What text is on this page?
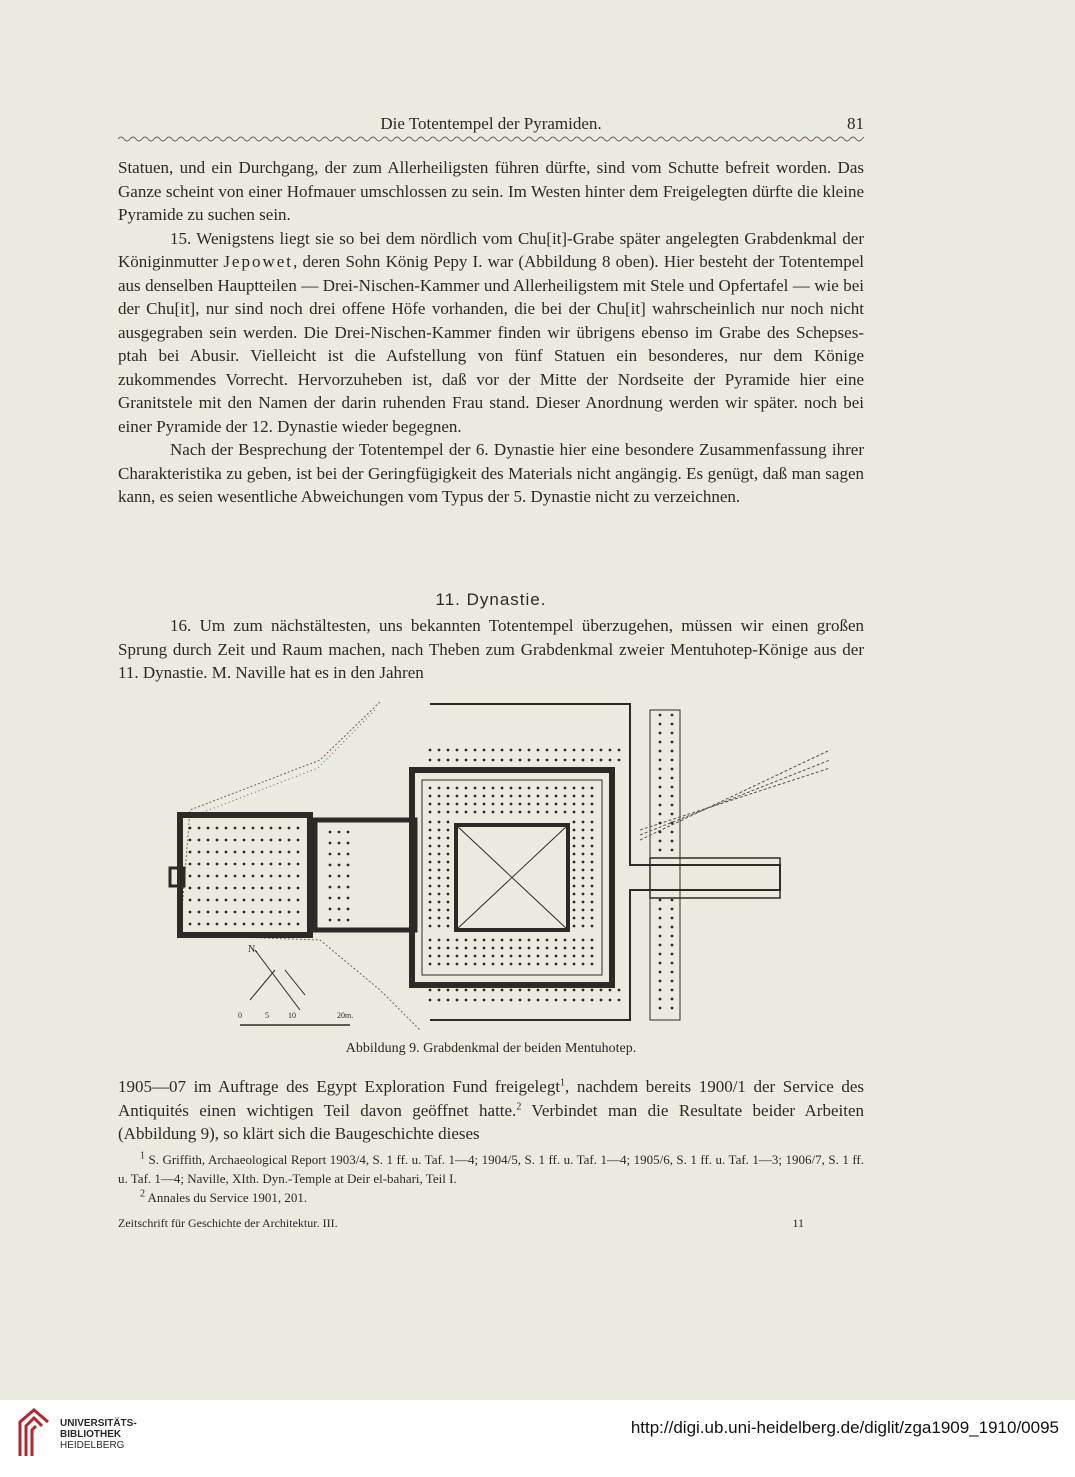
Die Totentempel der Pyramiden.	81

Statuen, und ein Durchgang, der zum Allerheiligsten führen dürfte, sind vom Schutte befreit worden. Das Ganze scheint von einer Hofmauer umschlossen zu sein. Im Westen hinter dem Freigelegten dürfte die kleine Pyramide zu suchen sein.

15. Wenigstens liegt sie so bei dem nördlich vom Chu[it]-Grabe später angelegten Grabdenkmal der Königinmutter Jepowet, deren Sohn König Pepy I. war (Abbildung 8 oben). Hier besteht der Totentempel aus denselben Hauptteilen — Drei-Nischen-Kammer und Allerheiligstem mit Stele und Opfertafel — wie bei der Chu[it], nur sind noch drei offene Höfe vorhanden, die bei der Chu[it] wahrscheinlich nur noch nicht ausgegraben sein werden. Die Drei-Nischen-Kammer finden wir übrigens ebenso im Grabe des Schepses-ptah bei Abusir. Vielleicht ist die Aufstellung von fünf Statuen ein besonderes, nur dem Könige zukommendes Vorrecht. Hervorzuheben ist, daß vor der Mitte der Nordseite der Pyramide hier eine Granitstele mit den Namen der darin ruhenden Frau stand. Dieser Anordnung werden wir später. noch bei einer Pyramide der 12. Dynastie wieder begegnen.

Nach der Besprechung der Totentempel der 6. Dynastie hier eine besondere Zusammenfassung ihrer Charakteristika zu geben, ist bei der Geringfügigkeit des Materials nicht angängig. Es genügt, daß man sagen kann, es seien wesentliche Abweichungen vom Typus der 5. Dynastie nicht zu verzeichnen.

11. Dynastie.

16. Um zum nächstältesten, uns bekannten Totentempel überzugehen, müssen wir einen großen Sprung durch Zeit und Raum machen, nach Theben zum Grabdenkmal zweier Mentuhotep-Könige aus der 11. Dynastie. M. Naville hat es in den Jahren

N.
0	5 10	20m.
Abbildung 9. Grabdenkmal der beiden Mentuhotep.

1905—07 im Auftrage des Egypt Exploration Fund freigelegt$^1$, nachdem bereits 1900/1 der Service des Antiquités einen wichtigen Teil davon geöffnet hatte.$^2$ Verbindet man die Resultate beider Arbeiten (Abbildung 9), so klärt sich die Baugeschichte dieses

$^1$ S. Griffith, Archaeological Report 1903/4, S. 1 ff. u. Taf. 1—4; 1904/5, S. 1 ff. u. Taf. 1—4; 1905/6, S. 1 ff. u. Taf. 1—3; 1906/7, S. 1 ff. u. Taf. 1—4; Naville, XIth. Dyn.-Temple at Deir el-bahari, Teil I.

$^2$ Annales du Service 1901, 201.

Zeitschrift für Geschichte der Architektur. III.	11
UNIVERSITÄTS-
BIBLIOTHEK
HEIDELBERG
http://digi.ub.uni-heidelberg.de/diglit/zga1909_1910/0095
